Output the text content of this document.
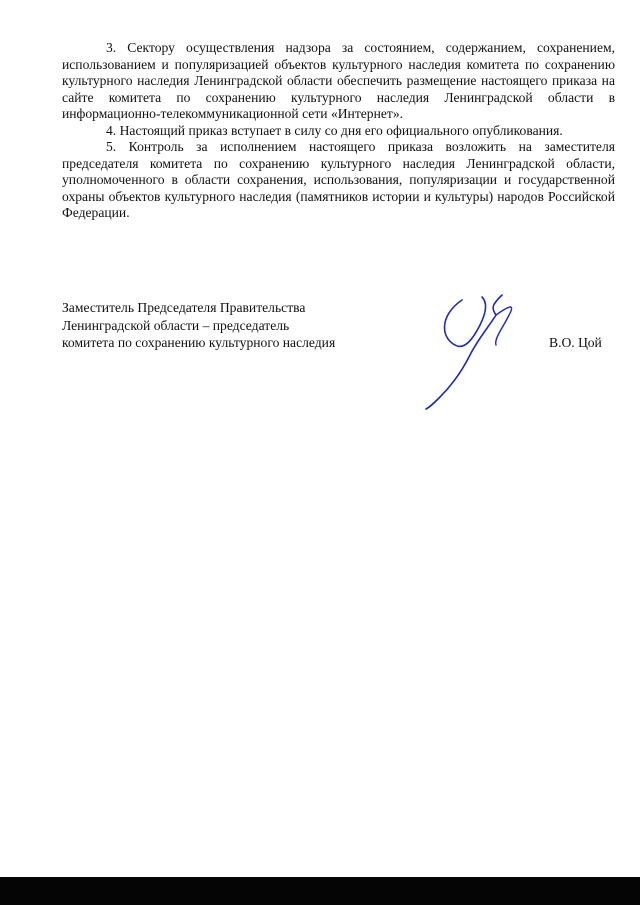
3. Сектору осуществления надзора за состоянием, содержанием, сохранением, использованием и популяризацией объектов культурного наследия комитета по сохранению культурного наследия Ленинградской области обеспечить размещение настоящего приказа на сайте комитета по сохранению культурного наследия Ленинградской области в информационно-телекоммуникационной сети «Интернет».

4. Настоящий приказ вступает в силу со дня его официального опубликования.

5. Контроль за исполнением настоящего приказа возложить на заместителя председателя комитета по сохранению культурного наследия Ленинградской области, уполномоченного в области сохранения, использования, популяризации и государственной охраны объектов культурного наследия (памятников истории и культуры) народов Российской Федерации.

Заместитель Председателя Правительства
Ленинградской области – председатель
комитета по сохранению культурного наследия	В.О. Цой
